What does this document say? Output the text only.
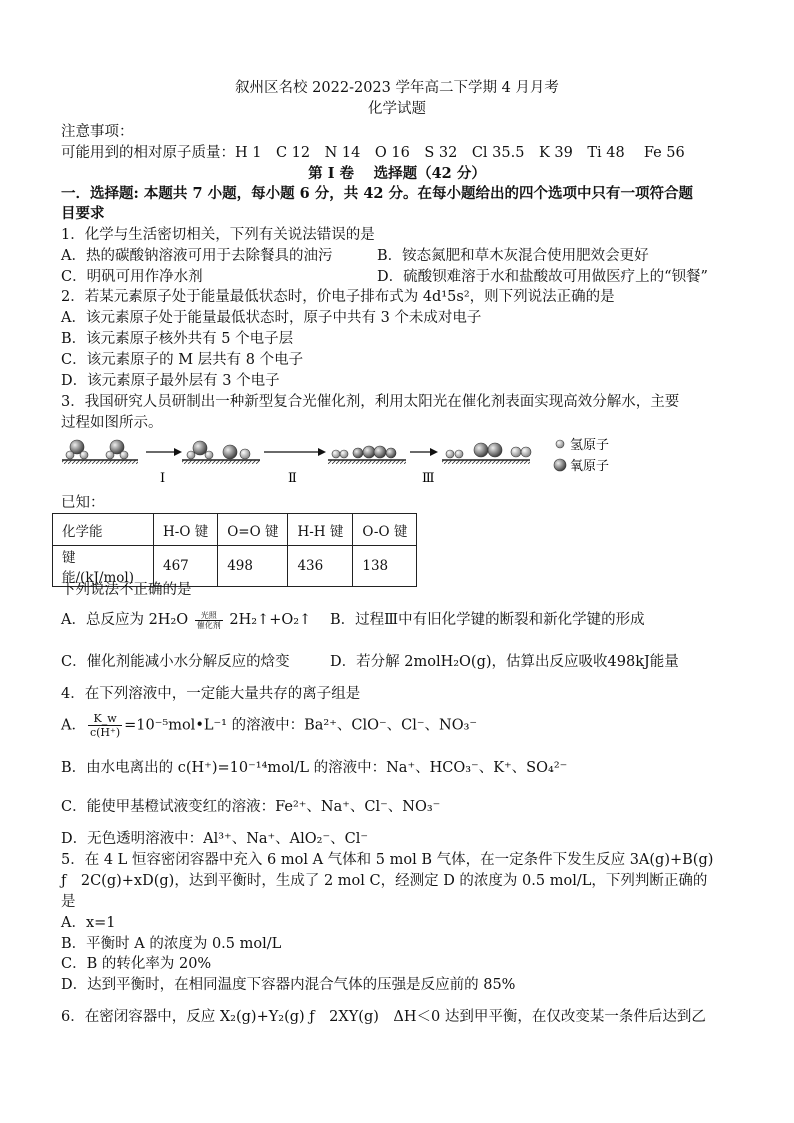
叙州区名校 2022-2023 学年高二下学期 4 月月考
化学试题
注意事项：
可能用到的相对原子质量：H 1　C 12　N 14　O 16　S 32　Cl 35.5　K 39　Ti 48　 Fe 56
第 I 卷　 选择题（42 分）
一．选择题: 本题共 7 小题，每小题 6 分，共 42 分。在每小题给出的四个选项中只有一项符合题
目要求
1．化学与生活密切相关，下列有关说法错误的是
A．热的碳酸钠溶液可用于去除餐具的油污	B．铵态氮肥和草木灰混合使用肥效会更好
C．明矾可用作净水剂	D．硫酸钡难溶于水和盐酸故可用做医疗上的“钡餐”
2．若某元素原子处于能量最低状态时，价电子排布式为 4d¹5s²，则下列说法正确的是
A．该元素原子处于能量最低状态时，原子中共有 3 个未成对电子
B．该元素原子核外共有 5 个电子层
C．该元素原子的 M 层共有 8 个电子
D．该元素原子最外层有 3 个电子
3．我国研究人员研制出一种新型复合光催化剂，利用太阳光在催化剂表面实现高效分解水，主要
过程如图所示。
I	Ⅱ	Ⅲ
氢原子
氧原子
已知：
化学能	H-O 键	O=O 键	H-H 键	O-O 键
键能/(kJ/mol)	467	498	436	138
下列说法不正确的是
A．总反应为 $2H_2O \frac{\text{光照}}{\text{催化剂}}$ 2H₂↑+O₂↑ B．过程Ⅲ中有旧化学键的断裂和新化学键的形成
C．催化剂能减小水分解反应的焓变	D．若分解 2molH₂O(g)，估算出反应吸收498kJ能量
4．在下列溶液中，一定能大量共存的离子组是
A． $\frac{K\_w}{c(H^+)}$ =10⁻⁵mol•L⁻¹ 的溶液中：Ba²⁺、ClO⁻、Cl⁻、NO₃⁻
B．由水电离出的 c(H⁺)=10⁻¹⁴mol/L 的溶液中：Na⁺、HCO₃⁻、K⁺、SO₄²⁻
C．能使甲基橙试液变红的溶液：Fe²⁺、Na⁺、Cl⁻、NO₃⁻
D．无色透明溶液中：Al³⁺、Na⁺、AlO₂⁻、Cl⁻
5．在 4 L 恒容密闭容器中充入 6 mol A 气体和 5 mol B 气体，在一定条件下发生反应 3A(g)+B(g)
ƒ　2C(g)+xD(g)，达到平衡时，生成了 2 mol C，经测定 D 的浓度为 0.5 mol/L，下列判断正确的
是
A．x=1
B．平衡时 A 的浓度为 0.5 mol/L
C．B 的转化率为 20%
D．达到平衡时，在相同温度下容器内混合气体的压强是反应前的 85%
6．在密闭容器中，反应 X₂(g)+Y₂(g) ƒ　2XY(g)　ΔH＜0 达到甲平衡，在仅改变某一条件后达到乙
